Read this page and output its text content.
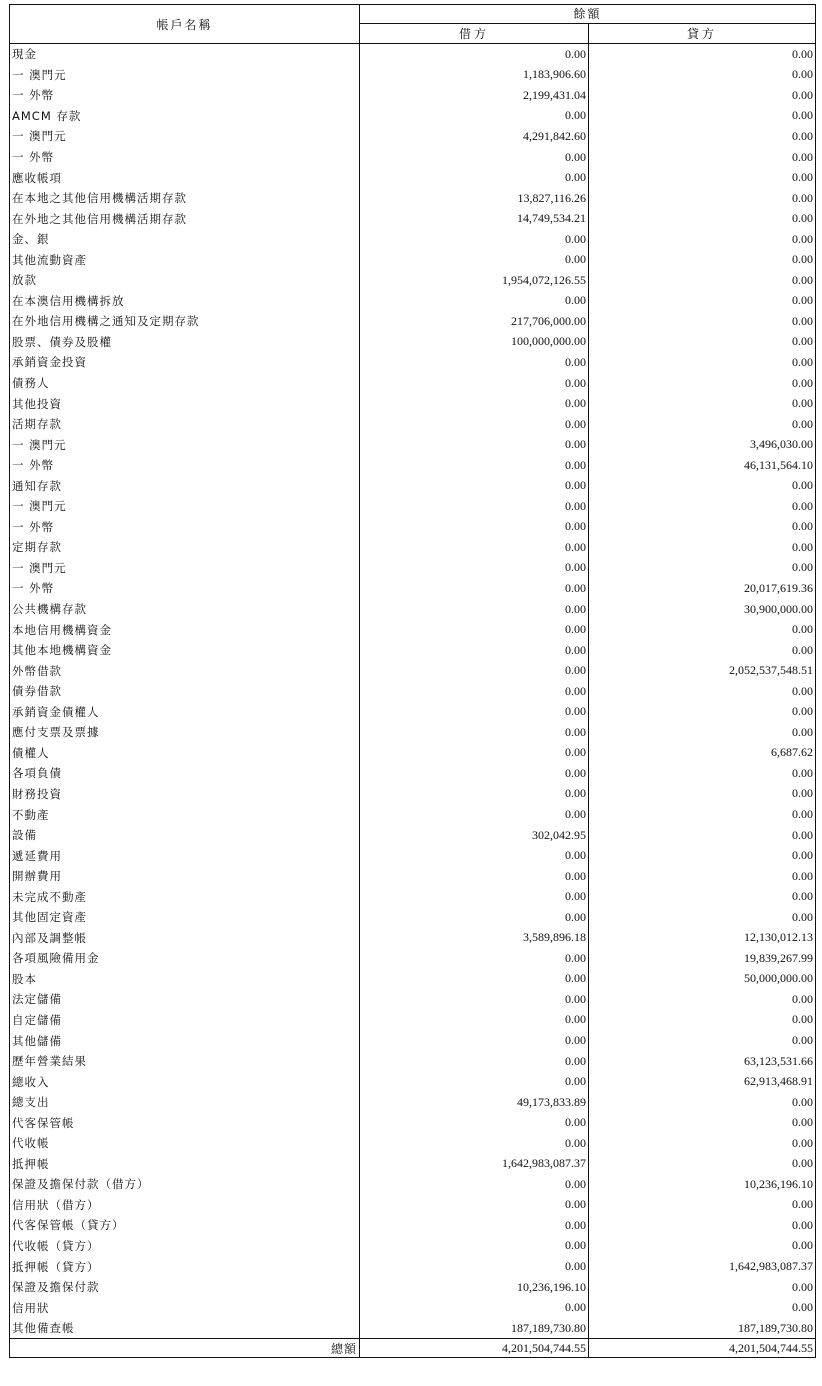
帳戶名稱	餘額	
	借方	貸方
現金	0.00	0.00
一 澳門元	1,183,906.60	0.00
一 外幣	2,199,431.04	0.00
AMCM 存款	0.00	0.00
一 澳門元	4,291,842.60	0.00
一 外幣	0.00	0.00
應收帳項	0.00	0.00
在本地之其他信用機構活期存款	13,827,116.26	0.00
在外地之其他信用機構活期存款	14,749,534.21	0.00
金、銀	0.00	0.00
其他流動資產	0.00	0.00
放款	1,954,072,126.55	0.00
在本澳信用機構拆放	0.00	0.00
在外地信用機構之通知及定期存款	217,706,000.00	0.00
股票、債券及股權	100,000,000.00	0.00
承銷資金投資	0.00	0.00
債務人	0.00	0.00
其他投資	0.00	0.00
活期存款	0.00	0.00
一 澳門元	0.00	3,496,030.00
一 外幣	0.00	46,131,564.10
通知存款	0.00	0.00
一 澳門元	0.00	0.00
一 外幣	0.00	0.00
定期存款	0.00	0.00
一 澳門元	0.00	0.00
一 外幣	0.00	20,017,619.36
公共機構存款	0.00	30,900,000.00
本地信用機構資金	0.00	0.00
其他本地機構資金	0.00	0.00
外幣借款	0.00	2,052,537,548.51
債券借款	0.00	0.00
承銷資金債權人	0.00	0.00
應付支票及票據	0.00	0.00
債權人	0.00	6,687.62
各項負債	0.00	0.00
財務投資	0.00	0.00
不動產	0.00	0.00
設備	302,042.95	0.00
遞延費用	0.00	0.00
開辦費用	0.00	0.00
未完成不動產	0.00	0.00
其他固定資產	0.00	0.00
內部及調整帳	3,589,896.18	12,130,012.13
各項風險備用金	0.00	19,839,267.99
股本	0.00	50,000,000.00
法定儲備	0.00	0.00
自定儲備	0.00	0.00
其他儲備	0.00	0.00
歷年營業結果	0.00	63,123,531.66
總收入	0.00	62,913,468.91
總支出	49,173,833.89	0.00
代客保管帳	0.00	0.00
代收帳	0.00	0.00
抵押帳	1,642,983,087.37	0.00
保證及擔保付款（借方）	0.00	10,236,196.10
信用狀（借方）	0.00	0.00
代客保管帳（貸方）	0.00	0.00
代收帳（貸方）	0.00	0.00
抵押帳（貸方）	0.00	1,642,983,087.37
保證及擔保付款	10,236,196.10	0.00
信用狀	0.00	0.00
其他備查帳	187,189,730.80	187,189,730.80
總額	4,201,504,744.55	4,201,504,744.55
